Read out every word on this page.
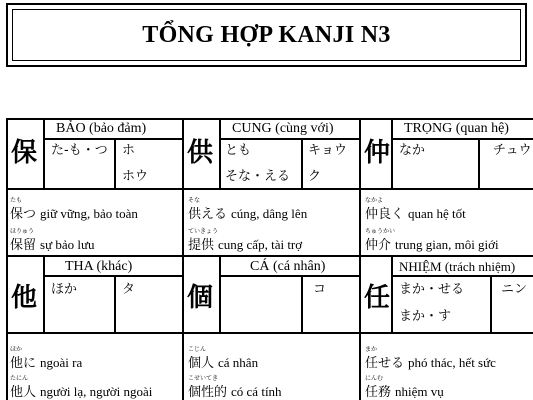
TỔNG HỢP KANJI N3
保
BẢO (bảo đảm)
た-も・つ ホ
ホウ
たも
保つ giữ vững, bảo toàn
ほりゅう
保留 sự bảo lưu
供
CUNG (cùng với)
とも
そな・える
キョウ
ク
そな
供える cúng, dâng lên
ていきょう
提供 cung cấp, tài trợ
仲
TRỌNG (quan hệ)
なか	チュウ
なかよ
仲良く quan hệ tốt
ちゅうかい
仲介 trung gian, môi giới
他
THA (khác)
ほか	タ
ほか
他に ngoài ra
たにん
他人 người lạ, người ngoài
個
CÁ (cá nhân)
コ
こじん
個人 cá nhân
こせいてき
個性的 có cá tính
任
NHIỆM (trách nhiệm)
まか・せる
まか・す
ニン
まか
任せる phó thác, hết sức
にんむ
任務 nhiệm vụ
